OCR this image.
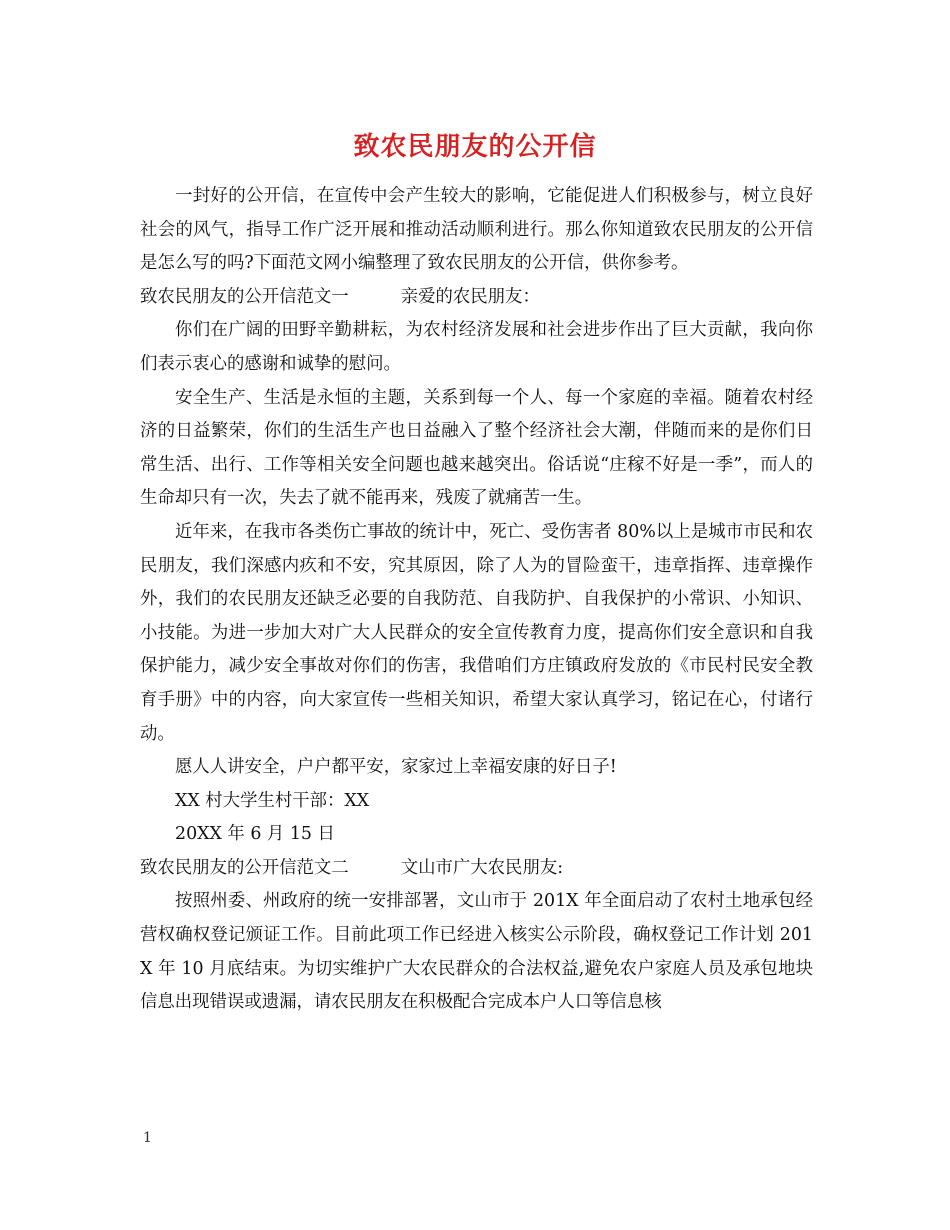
致农民朋友的公开信

一封好的公开信，在宣传中会产生较大的影响，它能促进人们积极参与，树立良好社会的风气，指导工作广泛开展和推动活动顺利进行。那么你知道致农民朋友的公开信是怎么写的吗?下面范文网小编整理了致农民朋友的公开信，供你参考。

致农民朋友的公开信范文一	亲爱的农民朋友：

你们在广阔的田野辛勤耕耘，为农村经济发展和社会进步作出了巨大贡献，我向你们表示衷心的感谢和诚挚的慰问。

安全生产、生活是永恒的主题，关系到每一个人、每一个家庭的幸福。随着农村经济的日益繁荣，你们的生活生产也日益融入了整个经济社会大潮，伴随而来的是你们日常生活、出行、工作等相关安全问题也越来越突出。俗话说“庄稼不好是一季”，而人的生命却只有一次，失去了就不能再来，残废了就痛苦一生。

近年来，在我市各类伤亡事故的统计中，死亡、受伤害者 80%以上是城市市民和农民朋友，我们深感内疚和不安，究其原因，除了人为的冒险蛮干，违章指挥、违章操作外，我们的农民朋友还缺乏必要的自我防范、自我防护、自我保护的小常识、小知识、小技能。为进一步加大对广大人民群众的安全宣传教育力度，提高你们安全意识和自我保护能力，减少安全事故对你们的伤害，我借咱们方庄镇政府发放的《市民村民安全教育手册》中的内容，向大家宣传一些相关知识，希望大家认真学习，铭记在心，付诸行动。

愿人人讲安全，户户都平安，家家过上幸福安康的好日子!

XX 村大学生村干部：XX

20XX 年 6 月 15 日

致农民朋友的公开信范文二	文山市广大农民朋友:

按照州委、州政府的统一安排部署，文山市于 201X 年全面启动了农村土地承包经营权确权登记颁证工作。目前此项工作已经进入核实公示阶段，确权登记工作计划 201X 年 10 月底结束。为切实维护广大农民群众的合法权益,避免农户家庭人员及承包地块信息出现错误或遗漏，请农民朋友在积极配合完成本户人口等信息核

1
